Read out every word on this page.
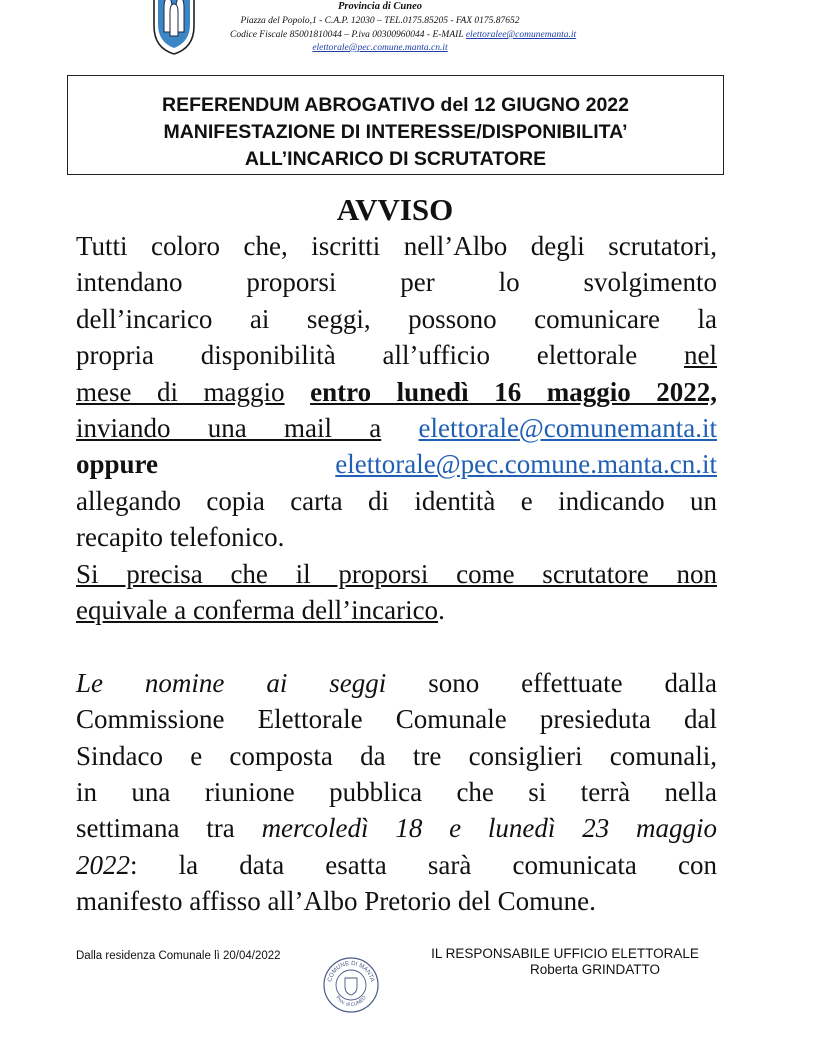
Provincia di Cuneo
Piazza del Popolo,1 - C.A.P. 12030 – TEL.0175.85205 - FAX 0175.87652
Codice Fiscale 85001810044 – P.iva 00300960044 - E-MAIL elettoralee@comunemanta.it
elettorale@pec.comune.manta.cn.it
REFERENDUM ABROGATIVO del 12 GIUGNO 2022
MANIFESTAZIONE DI INTERESSE/DISPONIBILITA’
ALL’INCARICO DI SCRUTATORE
AVVISO
Tutti coloro che, iscritti nell’Albo degli scrutatori,
intendano proporsi per lo svolgimento
dell’incarico ai seggi, possono comunicare la
propria disponibilità all’ufficio elettorale nel
mese di maggio entro lunedì 16 maggio 2022,
inviando una mail a elettorale@comunemanta.it
oppure	elettorale@pec.comune.manta.cn.it
allegando copia carta di identità e indicando un
recapito telefonico.
Si precisa che il proporsi come scrutatore non
equivale a conferma dell’incarico.
Le nomine ai seggi sono effettuate dalla
Commissione Elettorale Comunale presieduta dal
Sindaco e composta da tre consiglieri comunali,
in una riunione pubblica che si terrà nella
settimana tra mercoledì 18 e lunedì 23 maggio
2022: la data esatta sarà comunicata con
manifesto affisso all’Albo Pretorio del Comune.
Dalla residenza Comunale lì 20/04/2022
COMUNE DI MANTA
Prov. di CUNEO
IL RESPONSABILE UFFICIO ELETTORALE
Roberta GRINDATTO
